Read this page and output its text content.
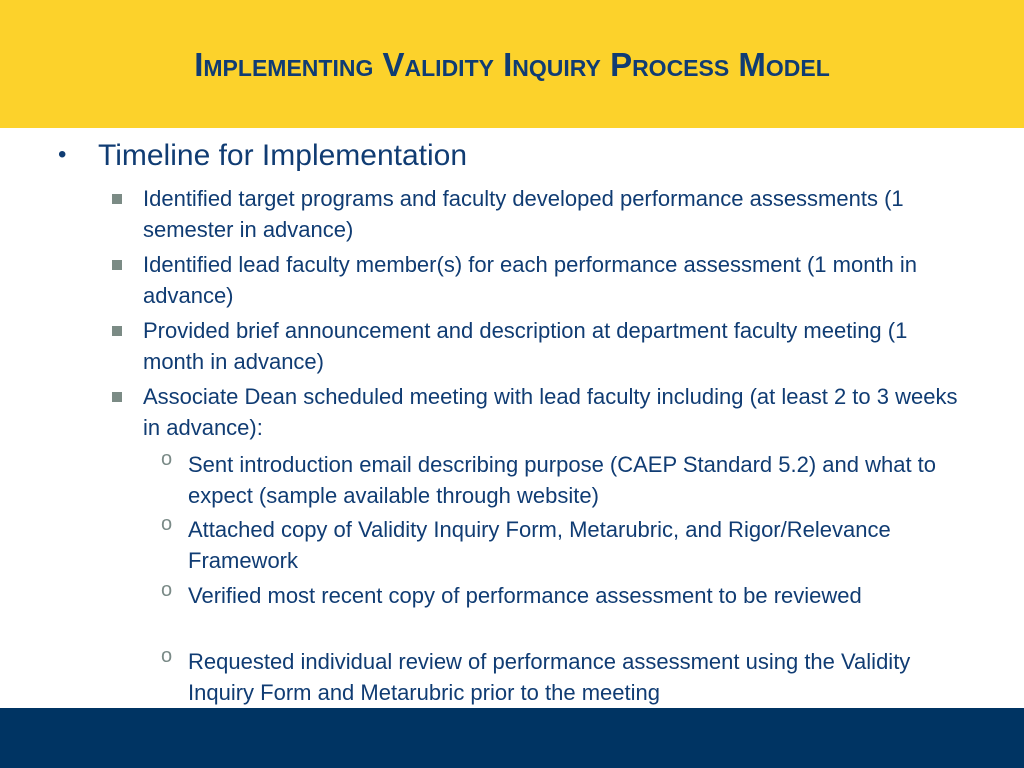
Implementing Validity Inquiry Process Model
•	Timeline for Implementation
Identified target programs and faculty developed performance assessments (1 semester in advance)
Identified lead faculty member(s) for each performance assessment (1 month in advance)
Provided brief announcement and description at department faculty meeting (1 month in advance)
Associate Dean scheduled meeting with lead faculty including (at least 2 to 3 weeks in advance):
o Sent introduction email describing purpose (CAEP Standard 5.2) and what to expect (sample available through website)
o Attached copy of Validity Inquiry Form, Metarubric, and Rigor/Relevance Framework
o Verified most recent copy of performance assessment to be reviewed
o Requested individual review of performance assessment using the Validity Inquiry Form and Metarubric prior to the meeting
